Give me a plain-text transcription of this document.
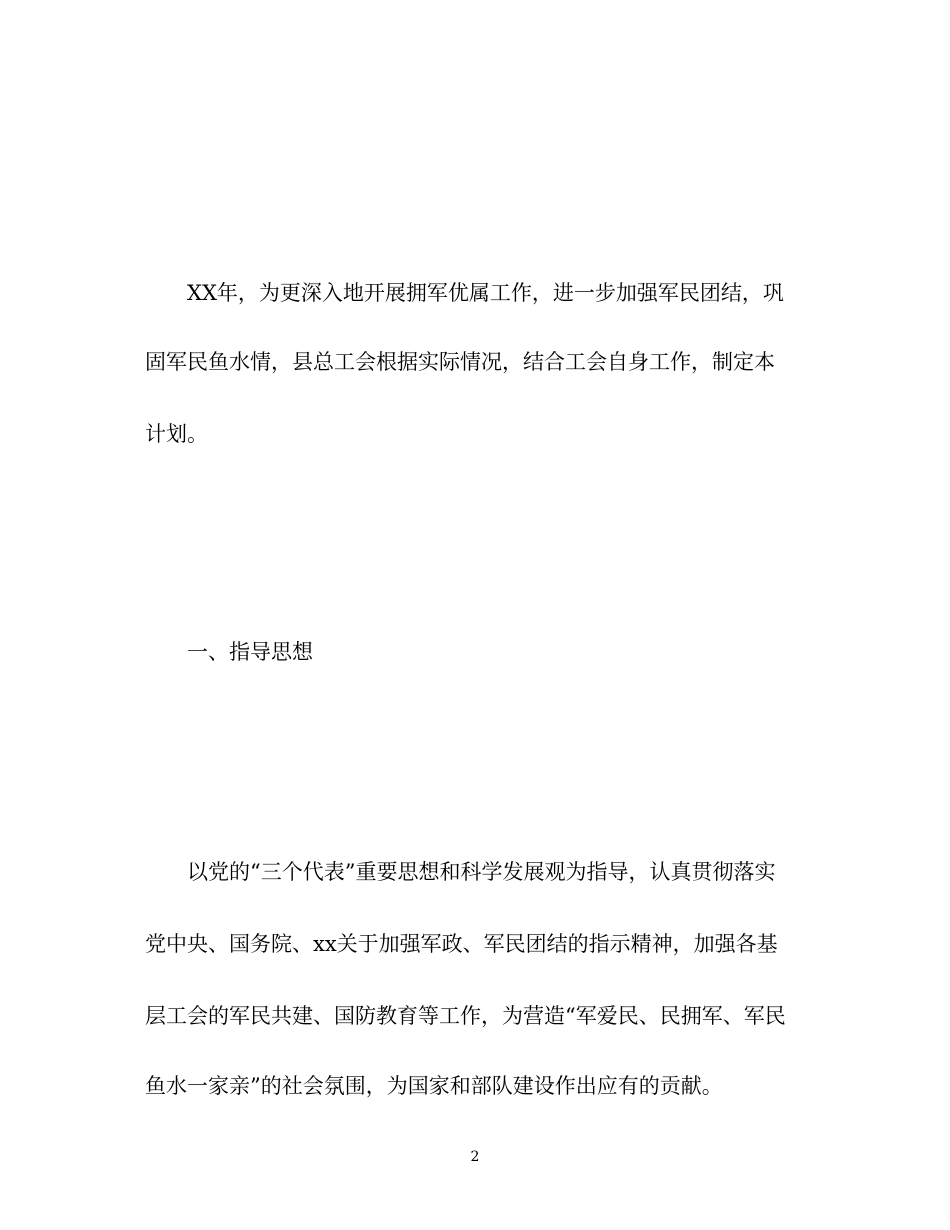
XX年，为更深入地开展拥军优属工作，进一步加强军民团结，巩
固军民鱼水情，县总工会根据实际情况，结合工会自身工作，制定本
计划。
一、指导思想
以党的“三个代表”重要思想和科学发展观为指导，认真贯彻落实
党中央、国务院、xx关于加强军政、军民团结的指示精神，加强各基
层工会的军民共建、国防教育等工作，为营造“军爱民、民拥军、军民
鱼水一家亲”的社会氛围，为国家和部队建设作出应有的贡献。
2
